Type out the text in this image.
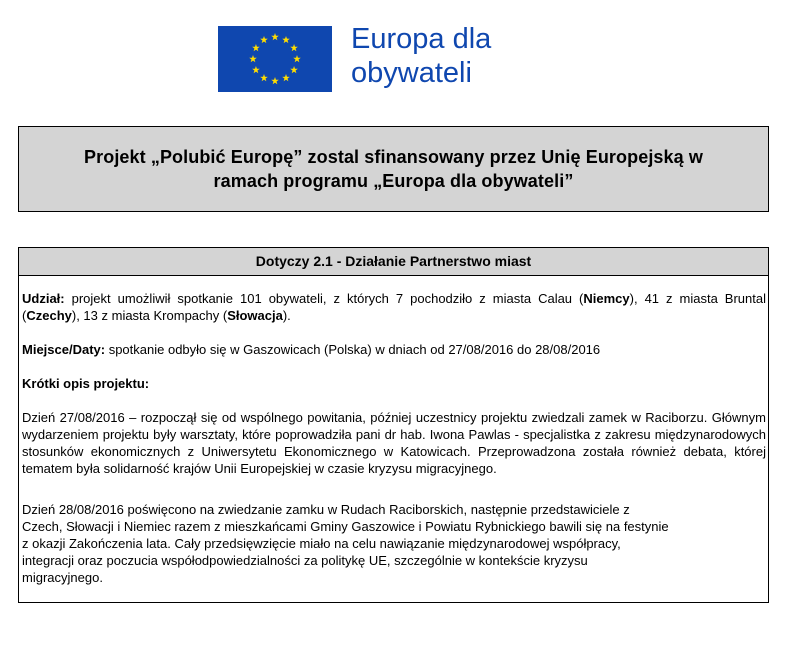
Europa dla
obywateli
Projekt „Polubić Europę” zostal sfinansowany przez Unię Europejską w
ramach programu „Europa dla obywateli”
Dotyczy 2.1 - Działanie Partnerstwo miast

Udział: projekt umożliwił spotkanie 101 obywateli, z których 7 pochodziło z miasta Calau (Niemcy), 41 z miasta Bruntal (Czechy), 13 z miasta Krompachy (Słowacja).

Miejsce/Daty: spotkanie odbyło się w Gaszowicach (Polska) w dniach od 27/08/2016 do 28/08/2016

Krótki opis projektu:

Dzień 27/08/2016 – rozpoczął się od wspólnego powitania, później uczestnicy projektu zwiedzali zamek w Raciborzu. Głównym wydarzeniem projektu były warsztaty, które poprowadziła pani dr hab. Iwona Pawlas - specjalistka z zakresu międzynarodowych stosunków ekonomicznych z Uniwersytetu Ekonomicznego w Katowicach. Przeprowadzona została również debata, której tematem była solidarność krajów Unii Europejskiej w czasie kryzysu migracyjnego.

Dzień 28/08/2016 poświęcono na zwiedzanie zamku w Rudach Raciborskich, następnie przedstawiciele z
Czech, Słowacji i Niemiec razem z mieszkańcami Gminy Gaszowice i Powiatu Rybnickiego bawili się na festynie
z okazji Zakończenia lata. Cały przedsięwzięcie miało na celu nawiązanie międzynarodowej współpracy,
integracji oraz poczucia współodpowiedzialności za politykę UE, szczególnie w kontekście kryzysu
migracyjnego.
